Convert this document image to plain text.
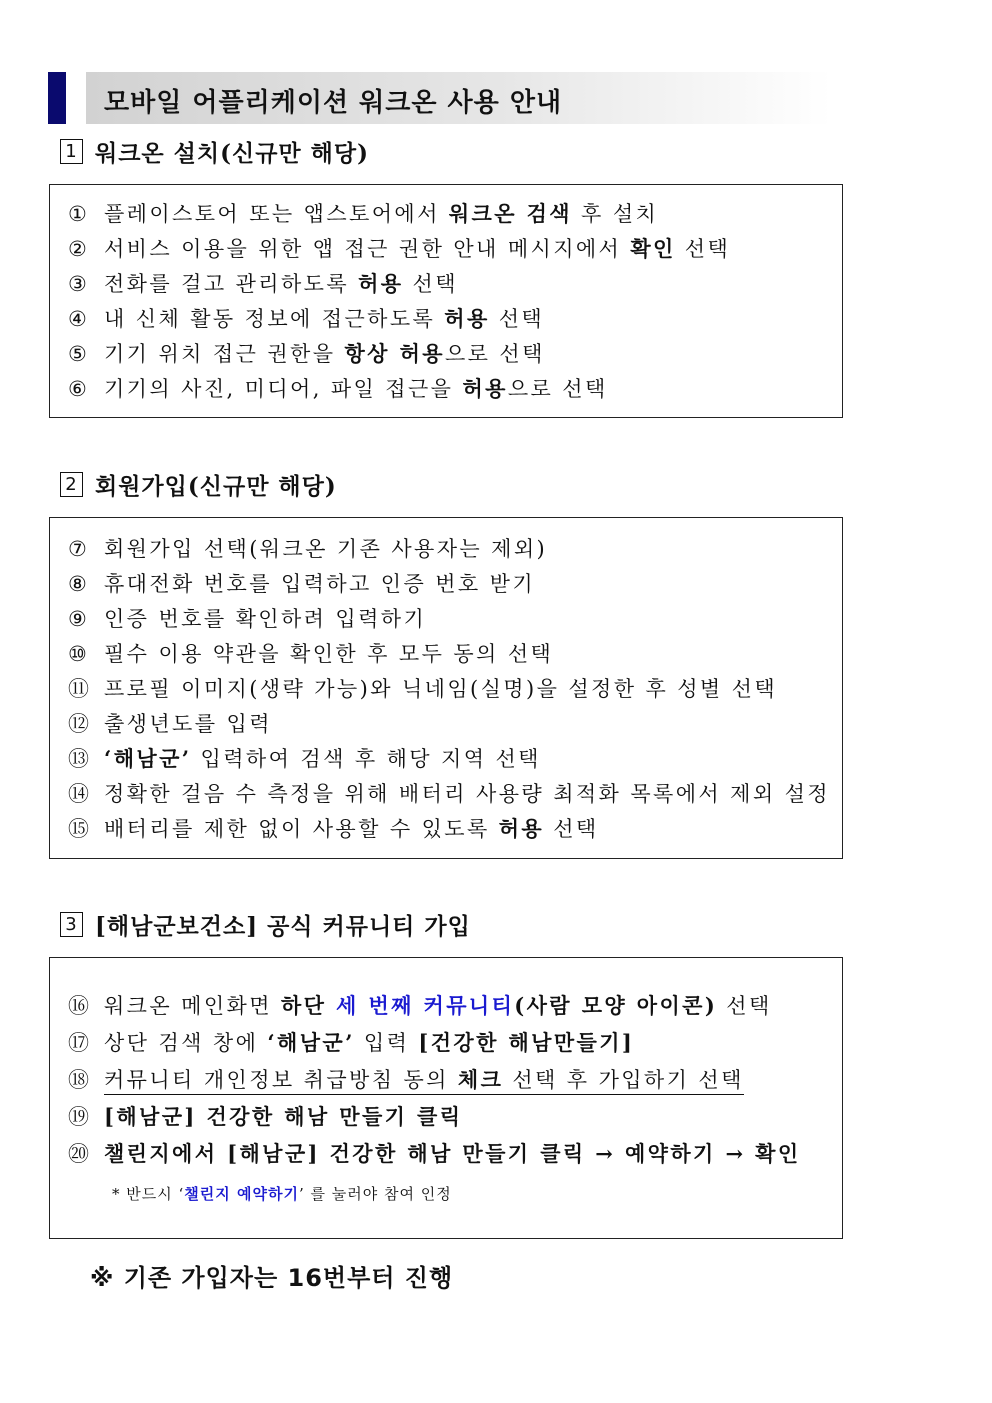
모바일 어플리케이션 워크온 사용 안내
1 워크온 설치(신규만 해당)
① 플레이스토어 또는 앱스토어에서 워크온 검색 후 설치
② 서비스 이용을 위한 앱 접근 권한 안내 메시지에서 확인 선택
③ 전화를 걸고 관리하도록 허용 선택
④ 내 신체 활동 정보에 접근하도록 허용 선택
⑤ 기기 위치 접근 권한을 항상 허용으로 선택
⑥ 기기의 사진, 미디어, 파일 접근을 허용으로 선택
2 회원가입(신규만 해당)
⑦ 회원가입 선택(워크온 기존 사용자는 제외)
⑧ 휴대전화 번호를 입력하고 인증 번호 받기
⑨ 인증 번호를 확인하려 입력하기
⑩ 필수 이용 약관을 확인한 후 모두 동의 선택
⑪ 프로필 이미지(생략 가능)와 닉네임(실명)을 설정한 후 성별 선택
⑫ 출생년도를 입력
⑬ ‘해남군’ 입력하여 검색 후 해당 지역 선택
⑭ 정확한 걸음 수 측정을 위해 배터리 사용량 최적화 목록에서 제외 설정
⑮ 배터리를 제한 없이 사용할 수 있도록 허용 선택
3 [해남군보건소] 공식 커뮤니티 가입
⑯ 워크온 메인화면 하단 세 번째 커뮤니티(사람 모양 아이콘) 선택
⑰ 상단 검색 창에 ‘해남군’ 입력 [건강한 해남만들기]
⑱ 커뮤니티 개인정보 취급방침 동의 체크 선택 후 가입하기 선택
⑲ [해남군] 건강한 해남 만들기 클릭
⑳ 챌린지에서 [해남군] 건강한 해남 만들기 클릭 → 예약하기 → 확인
* 반드시 ‘챌린지 예약하기’ 를 눌러야 참여 인정
※ 기존 가입자는 16번부터 진행
